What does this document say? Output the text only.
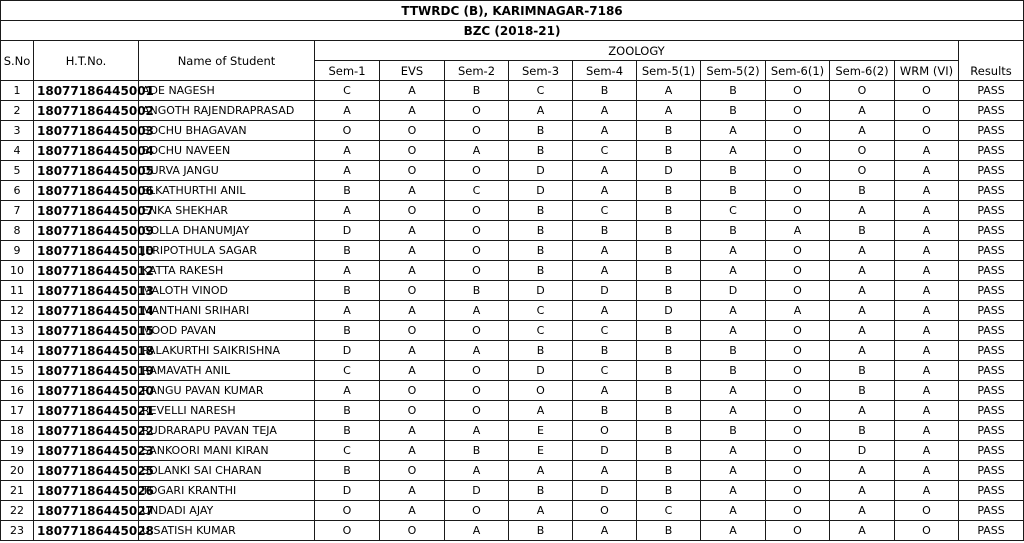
TTWRDC (B), KARIMNAGAR-7186													
BZC (2018-21)													
S.No	H.T.No.	Name of Student	ZOOLOGY										Results
			Sem-1	EVS	Sem-2	Sem-3	Sem-4	Sem-5(1)	Sem-5(2)	Sem-6(1)	Sem-6(2)	WRM (VI)	
1	18077186445001	ADE NAGESH	C	A	B	C	B	A	B	O	O	O	PASS
2	18077186445002	ANGOTH RAJENDRAPRASAD	A	A	O	A	A	A	B	O	A	O	PASS
3	18077186445003	BOCHU BHAGAVAN	O	O	O	B	A	B	A	O	A	O	PASS
4	18077186445004	BOCHU NAVEEN	A	O	A	B	C	B	A	O	O	A	PASS
5	18077186445005	DURVA JANGU	A	O	O	D	A	D	B	O	O	A	PASS
6	18077186445006	ELKATHURTHI ANIL	B	A	C	D	A	B	B	O	B	A	PASS
7	18077186445007	ENKA SHEKHAR	A	O	O	B	C	B	C	O	A	A	PASS
8	18077186445009	GOLLA DHANUMJAY	D	A	O	B	B	B	B	A	B	A	PASS
9	18077186445010	JERIPOTHULA SAGAR	B	A	O	B	A	B	A	O	A	A	PASS
10	18077186445012	KATTA RAKESH	A	A	O	B	A	B	A	O	A	A	PASS
11	18077186445013	MALOTH VINOD	B	O	B	D	D	B	D	O	A	A	PASS
12	18077186445014	MANTHANI SRIHARI	A	A	A	C	A	D	A	A	A	A	PASS
13	18077186445015	MOOD PAVAN	B	O	O	C	C	B	A	O	A	A	PASS
14	18077186445018	PALAKURTHI SAIKRISHNA	D	A	A	B	B	B	B	O	A	A	PASS
15	18077186445019	RAMAVATH ANIL	C	A	O	D	C	B	B	O	B	A	PASS
16	18077186445020	RANGU PAVAN KUMAR	A	O	O	O	A	B	A	O	B	A	PASS
17	18077186445021	REVELLI NARESH	B	O	O	A	B	B	A	O	A	A	PASS
18	18077186445022	RUDRARAPU PAVAN TEJA	B	A	A	E	O	B	B	O	B	A	PASS
19	18077186445023	SANKOORI MANI KIRAN	C	A	B	E	D	B	A	O	D	A	PASS
20	18077186445025	SOLANKI SAI CHARAN	B	O	A	A	A	B	A	O	A	A	PASS
21	18077186445026	TOGARI KRANTHI	D	A	D	B	D	B	A	O	A	A	PASS
22	18077186445027	UNDADI AJAY	O	A	O	A	O	C	A	O	A	O	PASS
23	18077186445028	U SATISH KUMAR	O	O	A	B	A	B	A	O	A	O	PASS
